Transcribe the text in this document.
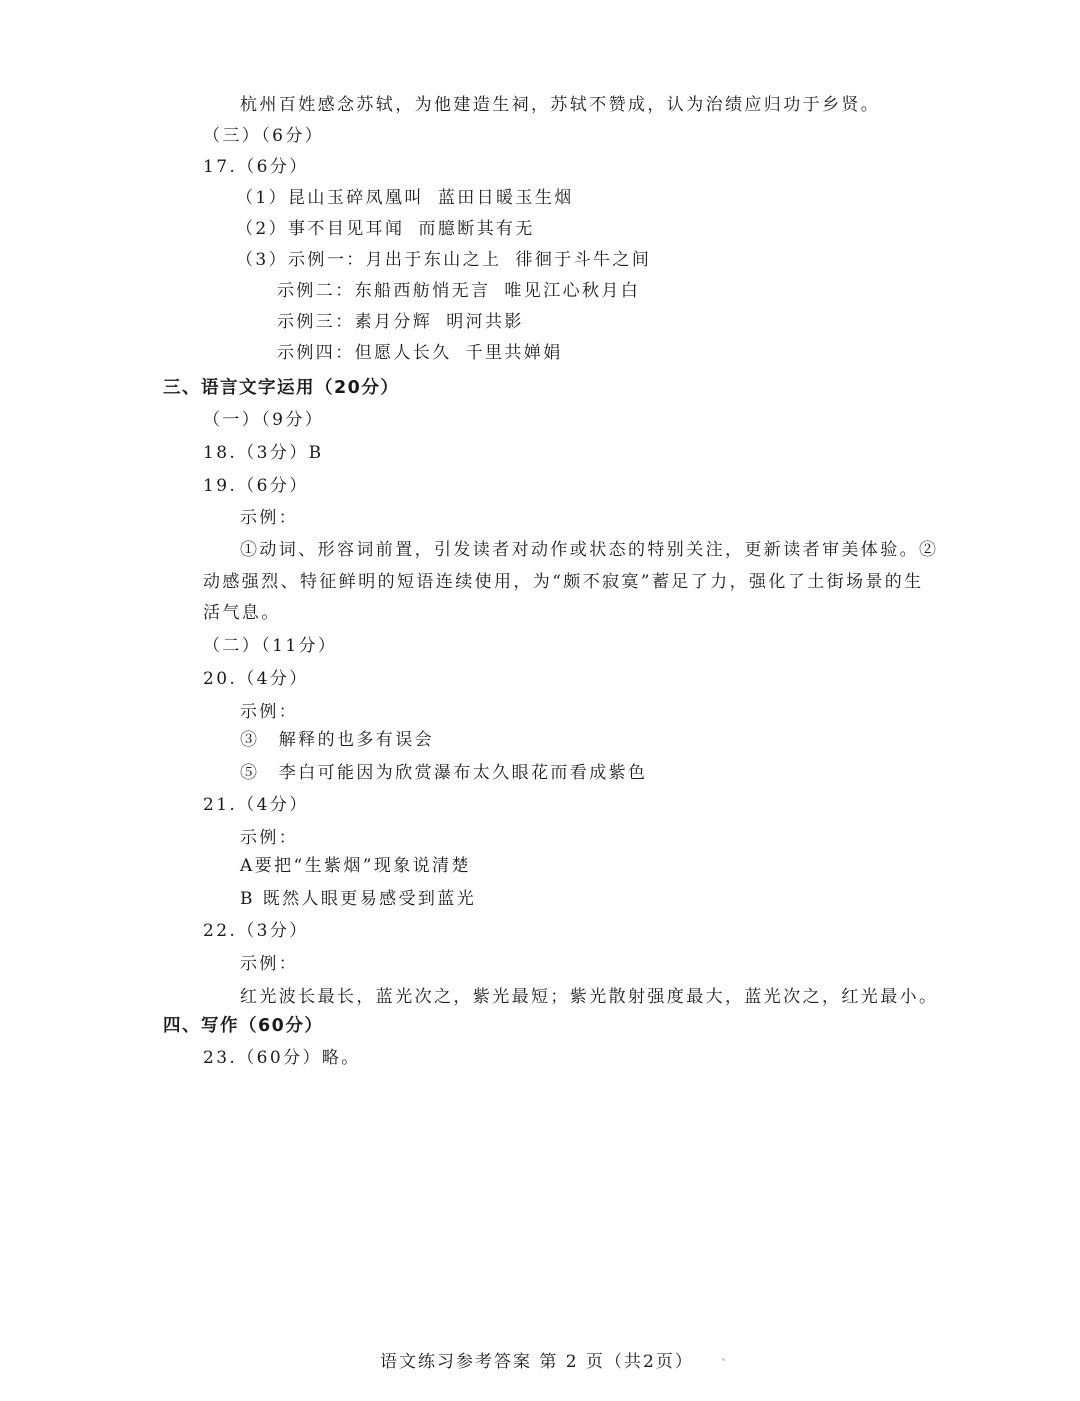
杭州百姓感念苏轼，为他建造生祠，苏轼不赞成，认为治绩应归功于乡贤。
（三）（6分）
17.（6分）
（1）昆山玉碎凤凰叫 蓝田日暖玉生烟
（2）事不目见耳闻 而臆断其有无
（3）示例一：月出于东山之上 徘徊于斗牛之间
示例二：东船西舫悄无言 唯见江心秋月白
示例三：素月分辉 明河共影
示例四：但愿人长久 千里共婵娟
三、语言文字运用（20分）
（一）（9分）
18.（3分）B
19.（6分）
示例：
①动词、形容词前置，引发读者对动作或状态的特别关注，更新读者审美体验。②
动感强烈、特征鲜明的短语连续使用，为“颇不寂寞”蓄足了力，强化了土街场景的生
活气息。
（二）（11分）
20.（4分）
示例：
③　解释的也多有误会
⑤　李白可能因为欣赏瀑布太久眼花而看成紫色
21.（4分）
示例：
A要把“生紫烟”现象说清楚
B 既然人眼更易感受到蓝光
22.（3分）
示例：
红光波长最长，蓝光次之，紫光最短；紫光散射强度最大，蓝光次之，红光最小。
四、写作（60分）
23.（60分）略。
语文练习参考答案 第 2 页（共2页）
